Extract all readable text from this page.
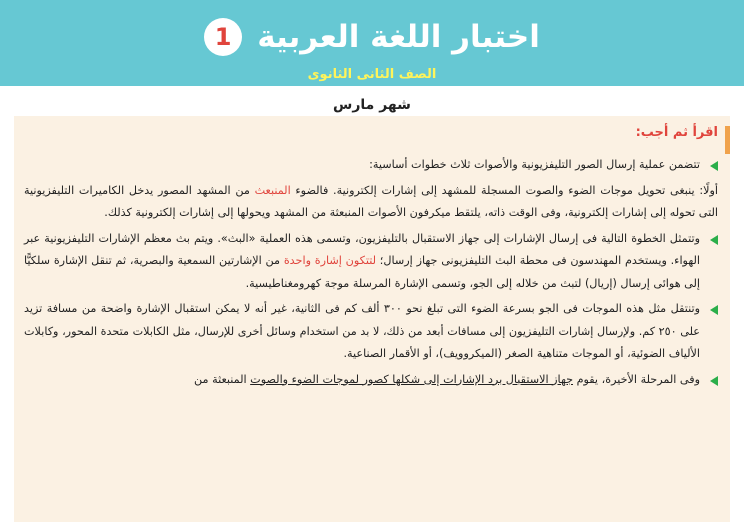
اختبار اللغة العربية 1
الصف الثانى الثانوى
شهر مارس
اقرأ ثم أجب:
تتضمن عملية إرسال الصور التليفزيونية والأصوات ثلاث خطوات أساسية:
أولًا: ينبغى تحويل موجات الضوء والصوت المسجلة للمشهد إلى إشارات إلكترونية. فالضوء المنبعث من المشهد المصور يدخل الكاميرات التليفزيونية التى تحوله إلى إشارات إلكترونية، وفى الوقت ذاته، يلتقط ميكرفون الأصوات المنبعثة من المشهد ويحولها إلى إشارات إلكترونية كذلك.
وتتمثل الخطوة التالية فى إرسال الإشارات إلى جهاز الاستقبال بالتليفزيون، وتسمى هذه العملية «البث». ويتم بث معظم الإشارات التليفزيونية عبر الهواء. ويستخدم المهندسون فى محطة البث التليفزيونى جهاز إرسال؛ لتتكون إشارة واحدة من الإشارتين السمعية والبصرية، ثم تنقل الإشارة سلكيًّا إلى هوائى إرسال (إريال) لتبث من خلاله إلى الجو، وتسمى الإشارة المرسلة موجة كهرومغناطيسية.
وتنتقل مثل هذه الموجات فى الجو بسرعة الضوء التى تبلغ نحو ٣٠٠ ألف كم فى الثانية، غير أنه لا يمكن استقبال الإشارة واضحة من مسافة تزيد على ٢٥٠ كم. ولإرسال إشارات التليفزيون إلى مسافات أبعد من ذلك، لا بد من استخدام وسائل أخرى للإرسال، مثل الكابلات متحدة المحور، وكابلات الألياف الضوئية، أو الموجات متناهية الصغر (الميكروويف)، أو الأقمار الصناعية.
وفى المرحلة الأخيرة، يقوم جهاز الاستقبال برد الإشارات إلى شكلها كصور لموجات الضوء والصوت المنبعثة من
